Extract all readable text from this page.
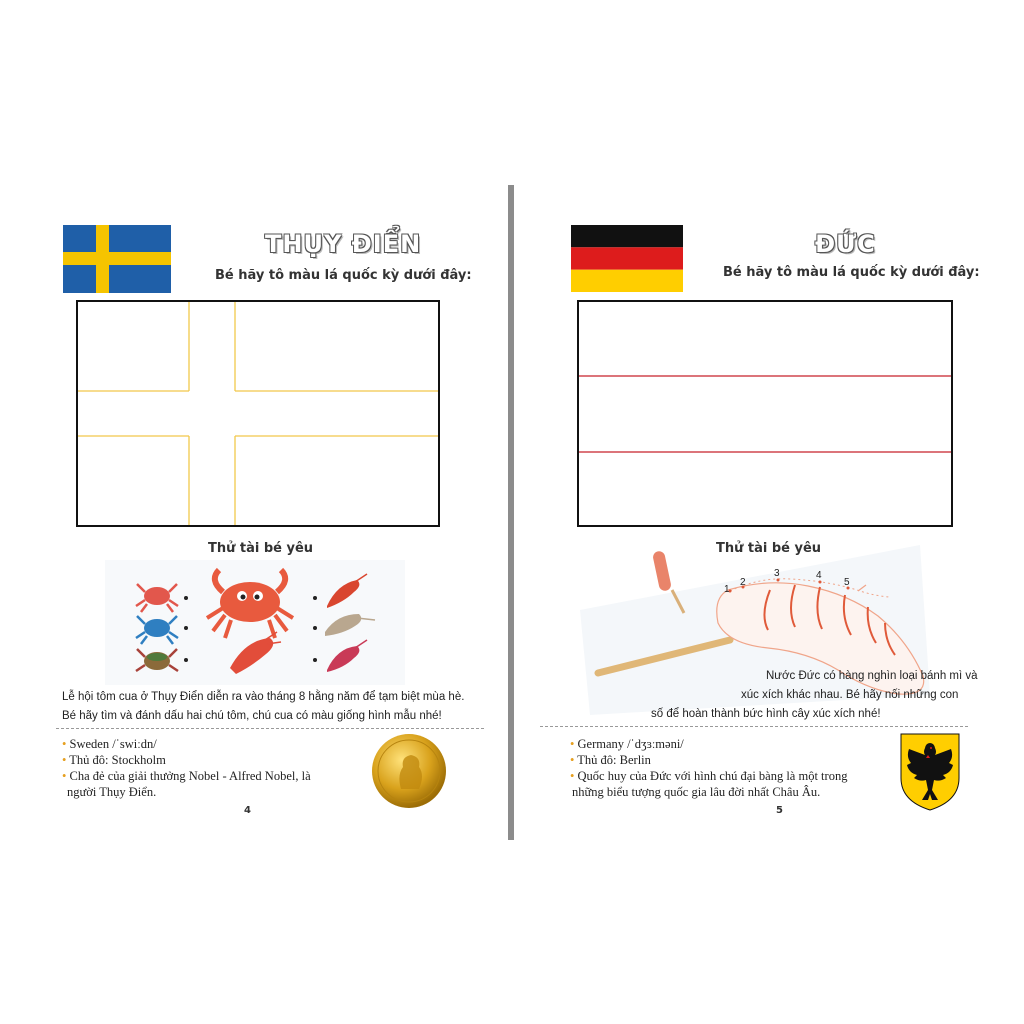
THỤY ĐIỂN
Bé hãy tô màu lá quốc kỳ dưới đây:
Thử tài bé yêu
Lễ hội tôm cua ở Thụy Điển diễn ra vào tháng 8 hằng năm để tạm biệt mùa hè.
Bé hãy tìm và đánh dấu hai chú tôm, chú cua có màu giống hình mẫu nhé!
• Sweden /ˈswiːdn/
• Thủ đô: Stockholm
• Cha đẻ của giải thưởng Nobel - Alfred Nobel, là
người Thụy Điển.
4
ĐỨC
Bé hãy tô màu lá quốc kỳ dưới đây:
Thử tài bé yêu
1
2
3	4
5
Nước Đức có hàng nghìn loại bánh mì và
xúc xích khác nhau. Bé hãy nối những con
số để hoàn thành bức hình cây xúc xích nhé!
• Germany /ˈdʒɜːməni/
• Thủ đô: Berlin
• Quốc huy của Đức với hình chú đại bàng là một trong
những biểu tượng quốc gia lâu đời nhất Châu Âu.
5
